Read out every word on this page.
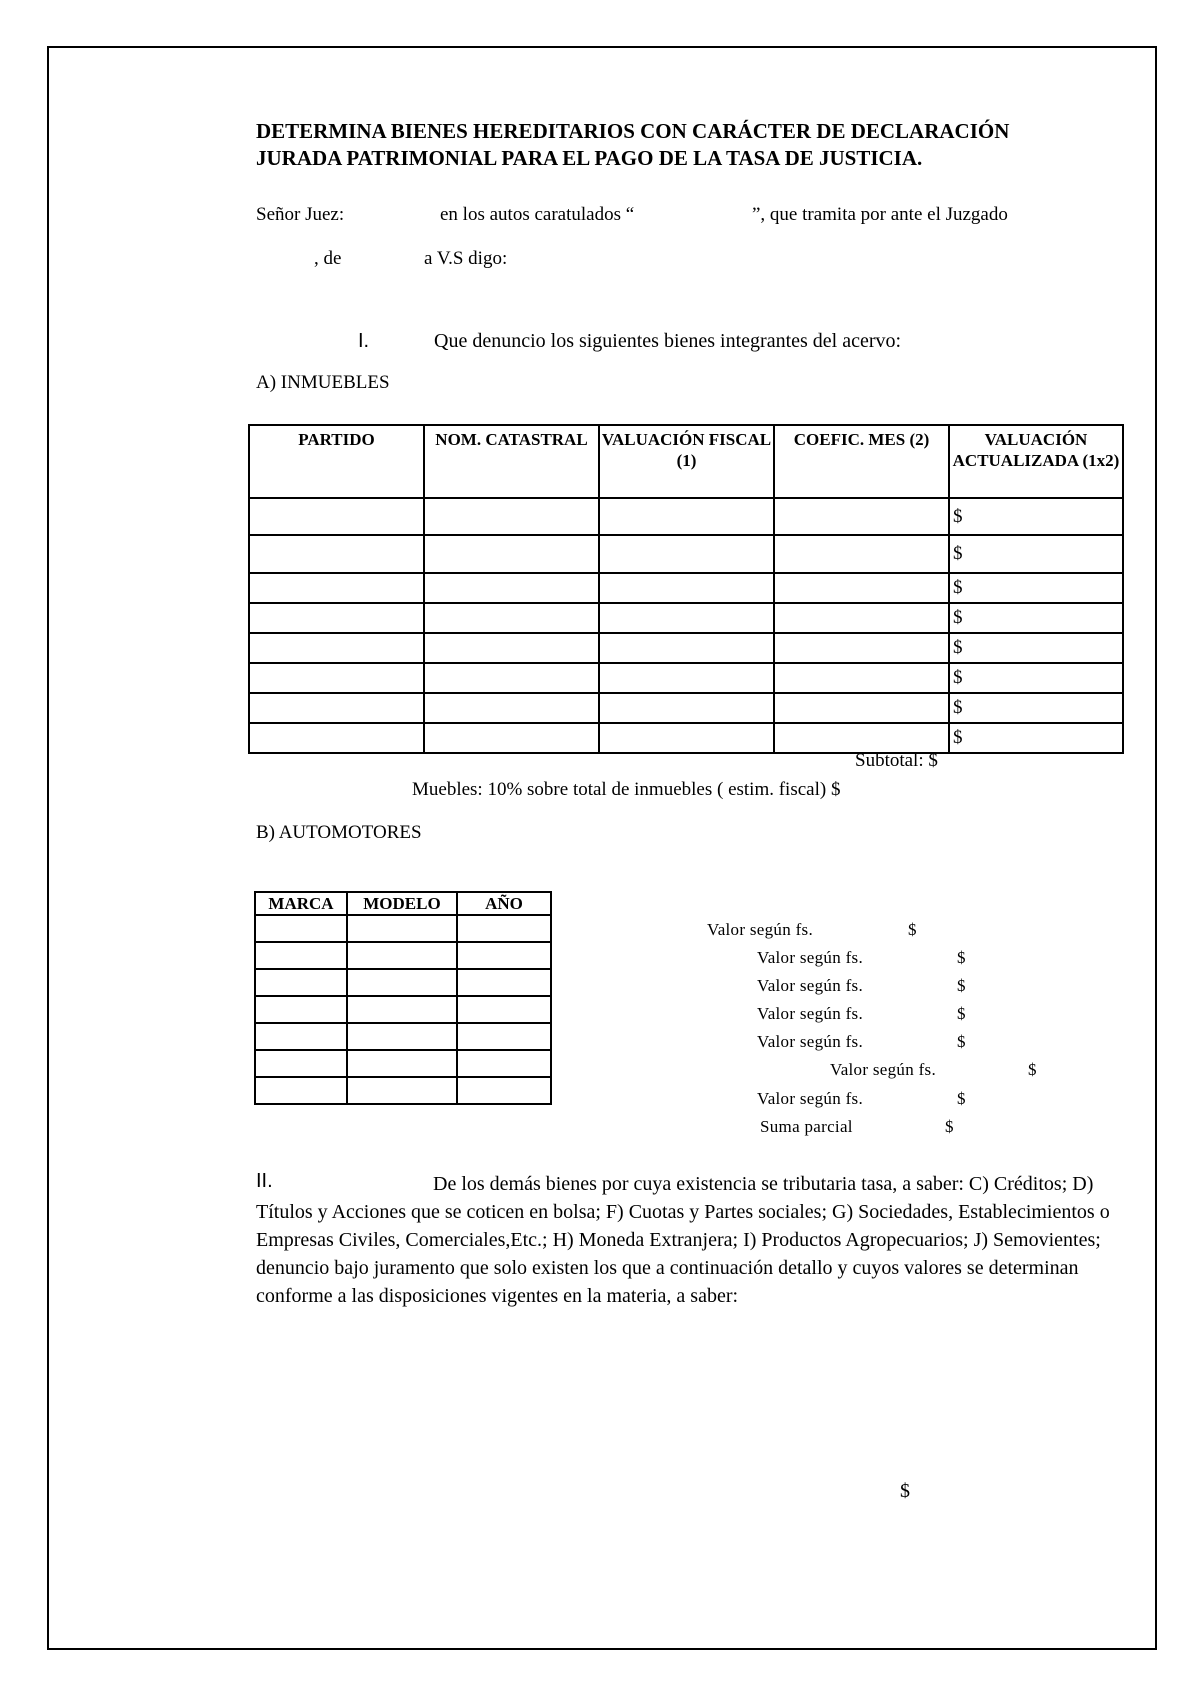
DETERMINA BIENES HEREDITARIOS CON CARÁCTER DE DECLARACIÓN
JURADA PATRIMONIAL PARA EL PAGO DE LA TASA DE JUSTICIA.
Señor Juez:	en los autos caratulados “	”, que tramita por ante el Juzgado
, de	a V.S digo:
I.	Que denuncio los siguientes bienes integrantes del acervo:
A) INMUEBLES
PARTIDO	NOM. CATASTRAL	VALUACIÓN FISCAL (1)	COEFIC. MES (2)	VALUACIÓN ACTUALIZADA (1x2)
				$
				$
				$
				$
				$
				$
				$
				$
Subtotal: $
Muebles: 10% sobre total de inmuebles ( estim. fiscal) $
B) AUTOMOTORES
MARCA	MODELO	AÑO

Valor según fs.	$
Valor según fs.	$
Valor según fs.	$
Valor según fs.	$
Valor según fs.	$
Valor según fs.	$
Valor según fs.	$
Suma parcial	$
II.	De los demás bienes por cuya existencia se tributaria tasa, a saber: C) Créditos; D) Títulos y Acciones que se coticen en bolsa; F) Cuotas y Partes sociales; G) Sociedades, Establecimientos o Empresas Civiles, Comerciales,Etc.; H) Moneda Extranjera; I) Productos Agropecuarios; J) Semovientes; denuncio bajo juramento que solo existen los que a continuación detallo y cuyos valores se determinan conforme a las disposiciones vigentes en la materia, a saber:
$
